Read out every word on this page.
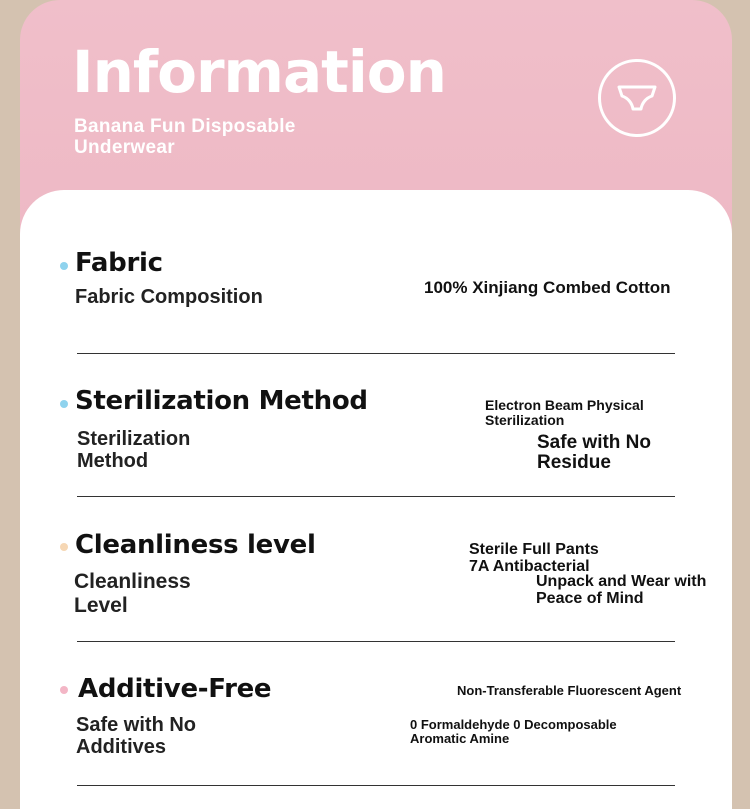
Information
Banana Fun Disposable
Underwear
Fabric
Fabric Composition	100% Xinjiang Combed Cotton
Sterilization Method
Sterilization
Method
Electron Beam Physical
Sterilization
Safe with No
Residue
Cleanliness level
Cleanliness
Level
Sterile Full Pants
7A Antibacterial
Unpack and Wear with
Peace of Mind
Additive-Free
Safe with No
Additives
Non-Transferable Fluorescent Agent
0 Formaldehyde 0 Decomposable
Aromatic Amine
